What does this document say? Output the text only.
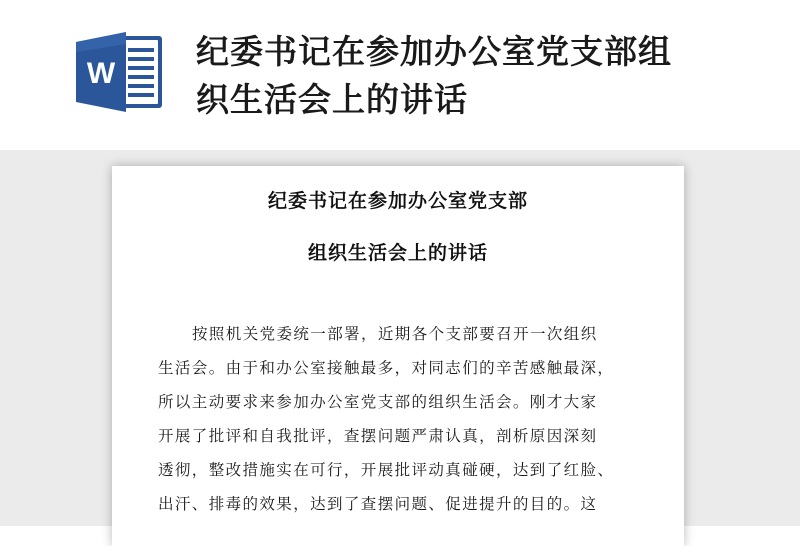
W
纪委书记在参加办公室党支部组
织生活会上的讲话
纪委书记在参加办公室党支部
组织生活会上的讲话
按照机关党委统一部署，近期各个支部要召开一次组织
生活会。由于和办公室接触最多，对同志们的辛苦感触最深，
所以主动要求来参加办公室党支部的组织生活会。刚才大家
开展了批评和自我批评，查摆问题严肃认真，剖析原因深刻
透彻，整改措施实在可行，开展批评动真碰硬，达到了红脸、
出汗、排毒的效果，达到了查摆问题、促进提升的目的。这
